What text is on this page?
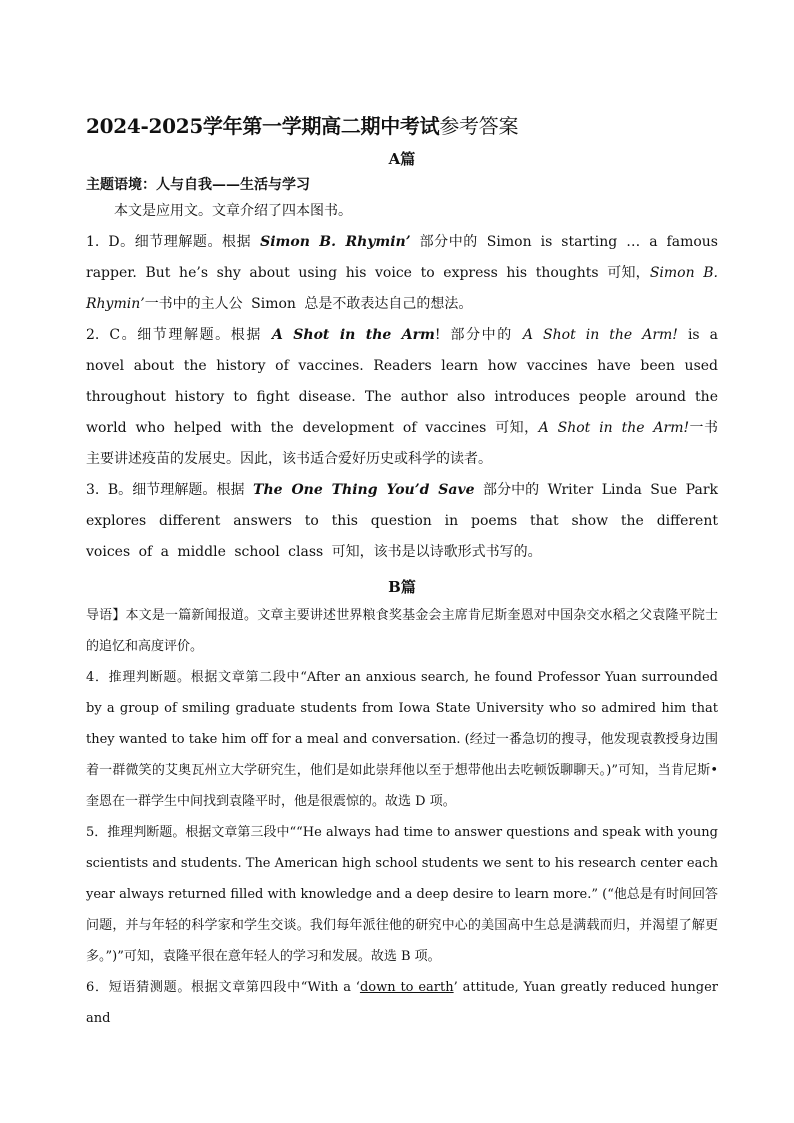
2024-2025学年第一学期高二期中考试参考答案
A篇
主题语境：人与自我——生活与学习
本文是应用文。文章介绍了四本图书。
1. D。细节理解题。根据 Simon B. Rhymin’ 部分中的 Simon is starting … a famous rapper. But he’s shy about using his voice to express his thoughts 可知，Simon B. Rhymin’一书中的主人公 Simon 总是不敢表达自己的想法。
2. C。细节理解题。根据 A Shot in the Arm! 部分中的 A Shot in the Arm! is a novel about the history of vaccines. Readers learn how vaccines have been used throughout history to fight disease. The author also introduces people around the world who helped with the development of vaccines 可知，A Shot in the Arm!一书主要讲述疫苗的发展史。因此，该书适合爱好历史或科学的读者。
3. B。细节理解题。根据 The One Thing You’d Save 部分中的 Writer Linda Sue Park explores different answers to this question in poems that show the different voices of a middle school class 可知，该书是以诗歌形式书写的。
B篇
导语】本文是一篇新闻报道。文章主要讲述世界粮食奖基金会主席肯尼斯奎恩对中国杂交水稻之父袁隆平院士的追忆和高度评价。
4．推理判断题。根据文章第二段中“After an anxious search, he found Professor Yuan surrounded by a group of smiling graduate students from Iowa State University who so admired him that they wanted to take him off for a meal and conversation. (经过一番急切的搜寻，他发现袁教授身边围着一群微笑的艾奥瓦州立大学研究生，他们是如此崇拜他以至于想带他出去吃顿饭聊聊天。)”可知，当肯尼斯•奎恩在一群学生中间找到袁隆平时，他是很震惊的。故选 D 项。
5．推理判断题。根据文章第三段中““He always had time to answer questions and speak with young scientists and students. The American high school students we sent to his research center each year always returned filled with knowledge and a deep desire to learn more.” (“他总是有时间回答问题，并与年轻的科学家和学生交谈。我们每年派往他的研究中心的美国高中生总是满载而归，并渴望了解更多。”)”可知，袁隆平很在意年轻人的学习和发展。故选 B 项。
6．短语猜测题。根据文章第四段中“With a ‘down to earth’ attitude, Yuan greatly reduced hunger and
